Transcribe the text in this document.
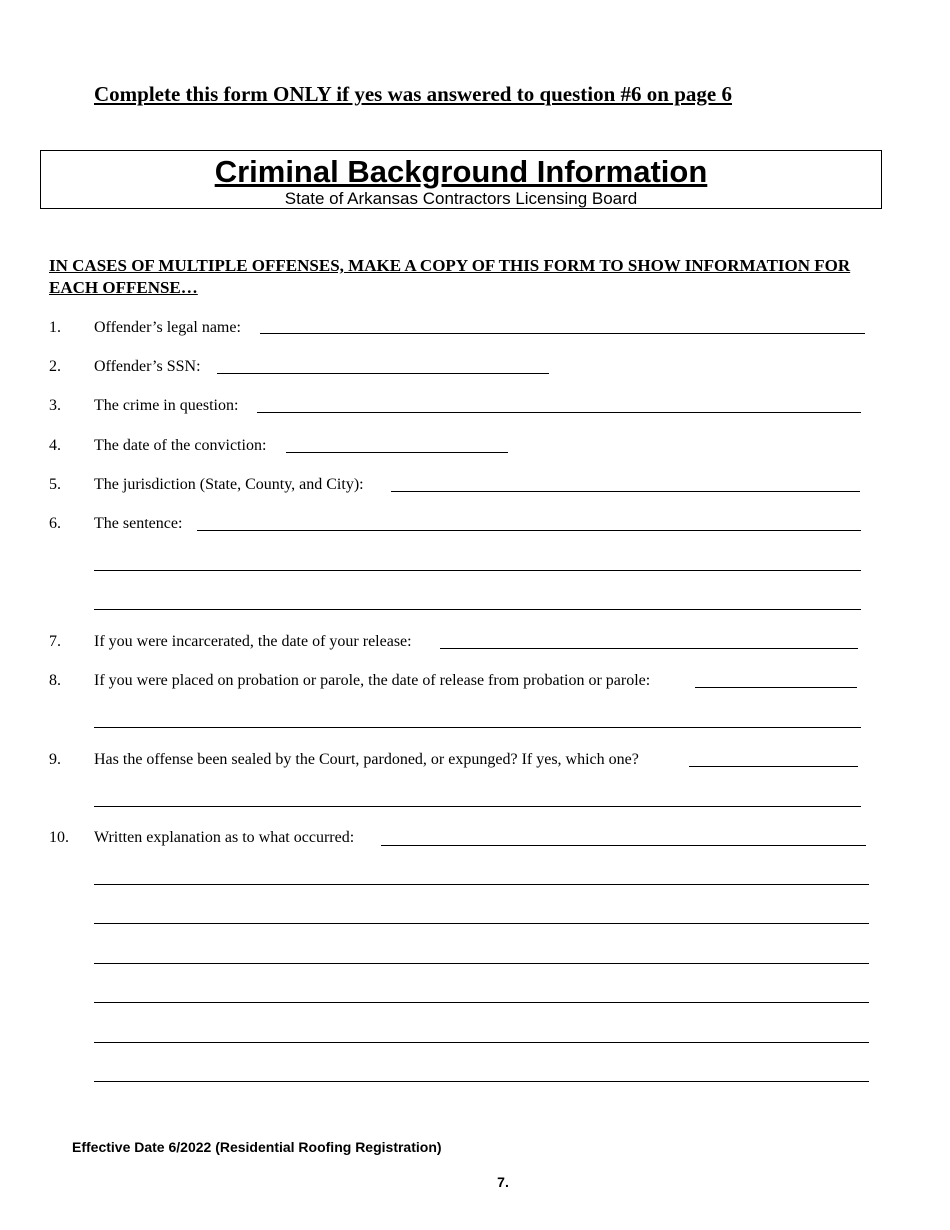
Complete this form ONLY if yes was answered to question #6 on page 6
Criminal Background Information
State of Arkansas Contractors Licensing Board
IN CASES OF MULTIPLE OFFENSES, MAKE A COPY OF THIS FORM TO SHOW INFORMATION FOR EACH OFFENSE…
1. Offender’s legal name:
2. Offender’s SSN:
3. The crime in question:
4. The date of the conviction:
5. The jurisdiction (State, County, and City):
6. The sentence:
7. If you were incarcerated, the date of your release:
8. If you were placed on probation or parole, the date of release from probation or parole:
9. Has the offense been sealed by the Court, pardoned, or expunged? If yes, which one?
10. Written explanation as to what occurred:
Effective Date 6/2022 (Residential Roofing Registration)
7.
